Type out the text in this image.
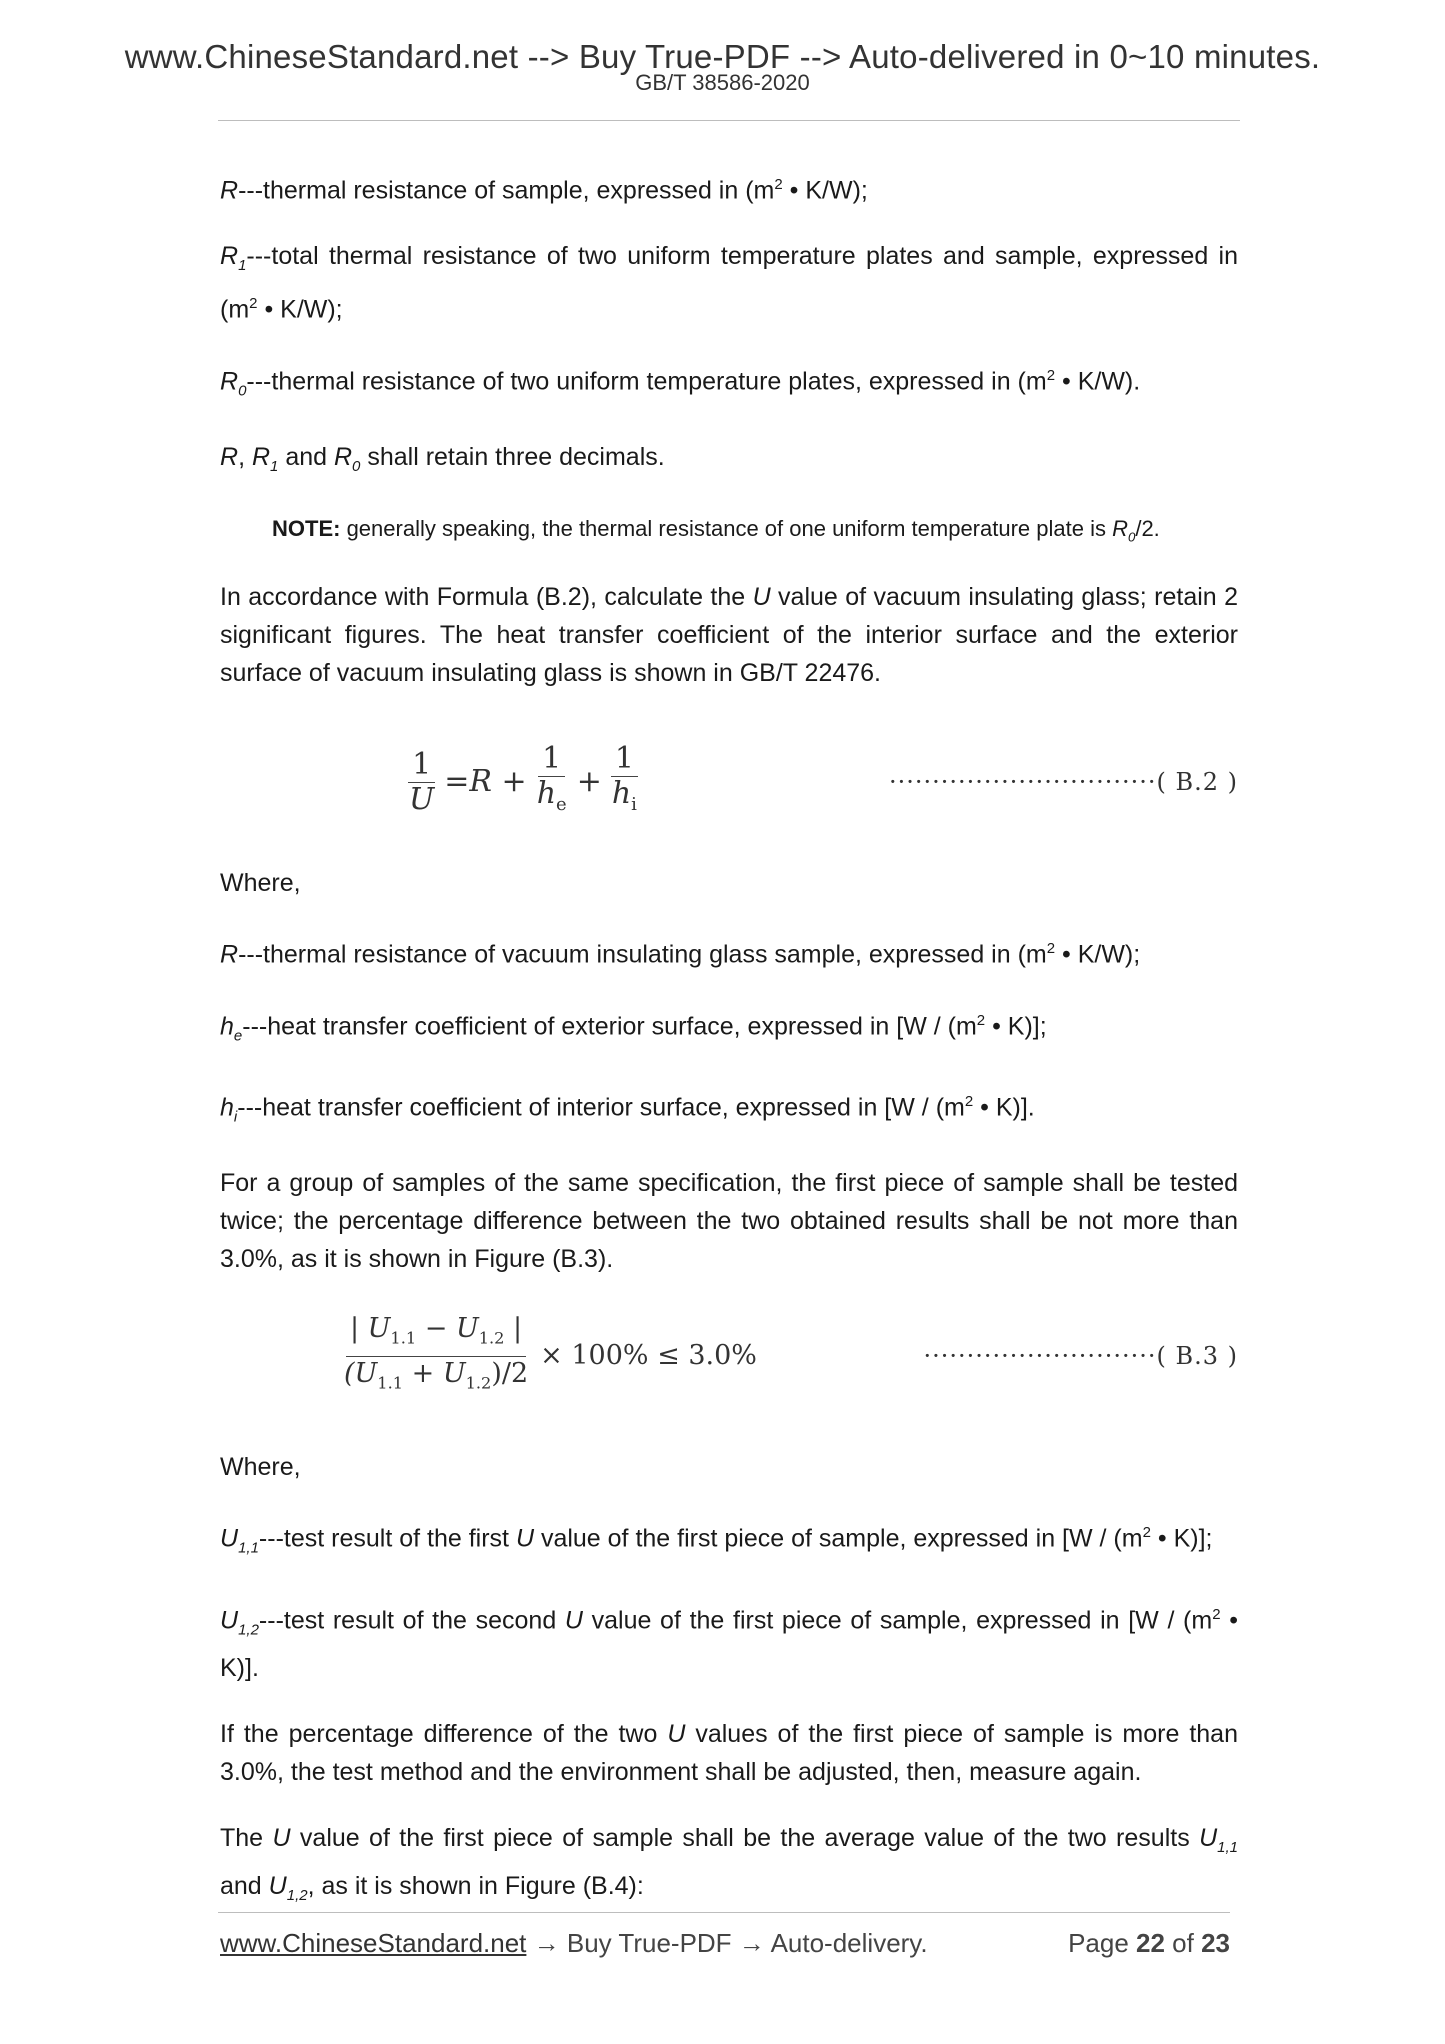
www.ChineseStandard.net --> Buy True-PDF --> Auto-delivered in 0~10 minutes.
GB/T 38586-2020

R---thermal resistance of sample, expressed in ($m^2$ • K/W);

$R_1--$-total thermal resistance of two uniform temperature plates and sample, expressed in ($m^2$ • K/W);

$R_0--$-thermal resistance of two uniform temperature plates, expressed in ($m^2$ • K/W).

R, $R_1$ and $R_0$ shall retain three decimals.

NOTE: generally speaking, the thermal resistance of one uniform temperature plate is $R_0/2$.

In accordance with Formula (B.2), calculate the U value of vacuum insulating glass; retain 2 significant figures. The heat transfer coefficient of the interior surface and the exterior surface of vacuum insulating glass is shown in GB/T 22476.

$\frac{1}{U} =R + \frac{1}{h_e} + \frac{1}{h_i}$	·······························( B.2 )

Where,

R---thermal resistance of vacuum insulating glass sample, expressed in ($m^2$ • K/W);

$h_e--$-heat transfer coefficient of exterior surface, expressed in [$W / (m^2$ • K)];

$h_i--$-heat transfer coefficient of interior surface, expressed in [$W / (m^2$ • K)].

For a group of samples of the same specification, the first piece of sample shall be tested twice; the percentage difference between the two obtained results shall be not more than 3.0%, as it is shown in Figure (B.3).

$\frac{| U_{1.1} - U_{1.2} |}{(U_{1.1} + U_{1.2})/2} \times 100\% \le 3.0\%$	···························( B.3 )

Where,

$U_{1,1}--$-test result of the first U value of the first piece of sample, expressed in [$W / (m^2$ • K)];

$U_{1,2}--$-test result of the second U value of the first piece of sample, expressed in [$W / (m^2$ • K)].

If the percentage difference of the two U values of the first piece of sample is more than 3.0%, the test method and the environment shall be adjusted, then, measure again.

The U value of the first piece of sample shall be the average value of the two results $U_{1,1}$ and $U_{1,2}$, as it is shown in Figure (B.4):

www.ChineseStandard.net → Buy True-PDF → Auto-delivery.	Page 22 of 23
